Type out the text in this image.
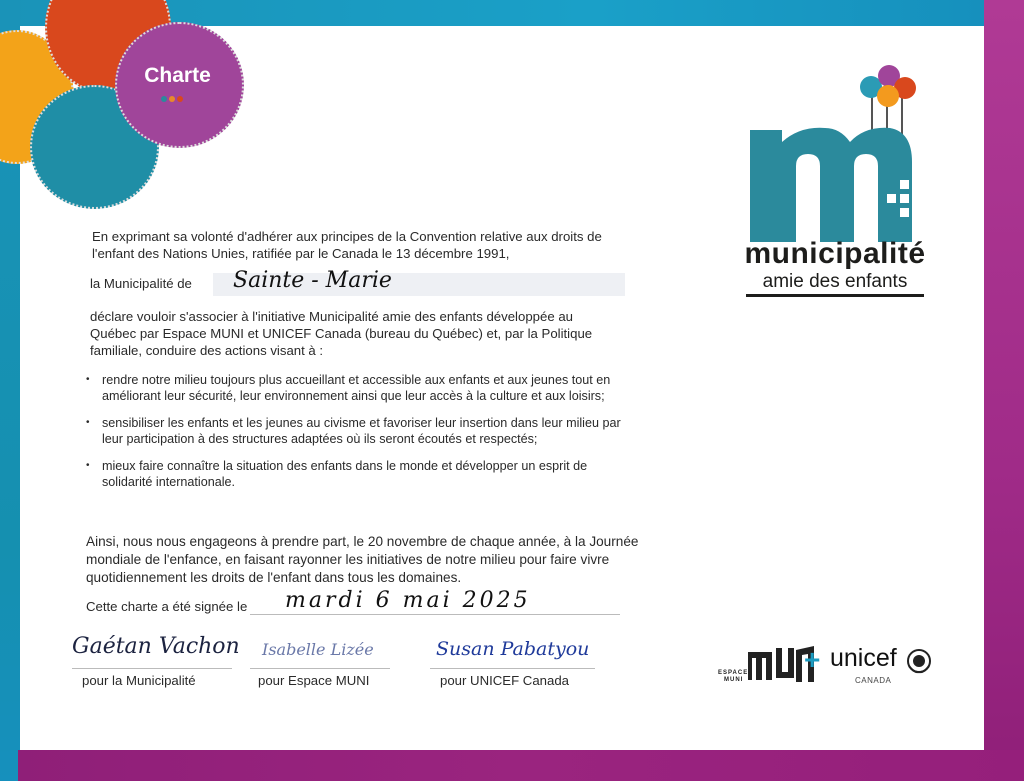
Charte
municipalité
amie des enfants
En exprimant sa volonté d'adhérer aux principes de la Convention relative aux droits de l'enfant des Nations Unies, ratifiée par le Canada le 13 décembre 1991,
la Municipalité de Sainte - Marie
déclare vouloir s'associer à l'initiative Municipalité amie des enfants développée au Québec par Espace MUNI et UNICEF Canada (bureau du Québec) et, par la Politique familiale, conduire des actions visant à :
• rendre notre milieu toujours plus accueillant et accessible aux enfants et aux jeunes tout en améliorant leur sécurité, leur environnement ainsi que leur accès à la culture et aux loisirs;
• sensibiliser les enfants et les jeunes au civisme et favoriser leur insertion dans leur milieu par leur participation à des structures adaptées où ils seront écoutés et respectés;
• mieux faire connaître la situation des enfants dans le monde et développer un esprit de solidarité internationale.
Ainsi, nous nous engageons à prendre part, le 20 novembre de chaque année, à la Journée mondiale de l'enfance, en faisant rayonner les initiatives de notre milieu pour faire vivre quotidiennement les droits de l'enfant dans tous les domaines.
Cette charte a été signée le mardi 6 mai 2025
Gaétan Vachon
pour la Municipalité
Isabelle Lizée
pour Espace MUNI
Susan Pabatyou
pour UNICEF Canada	ESPACE
MUNI
+ unicef
CANADA
